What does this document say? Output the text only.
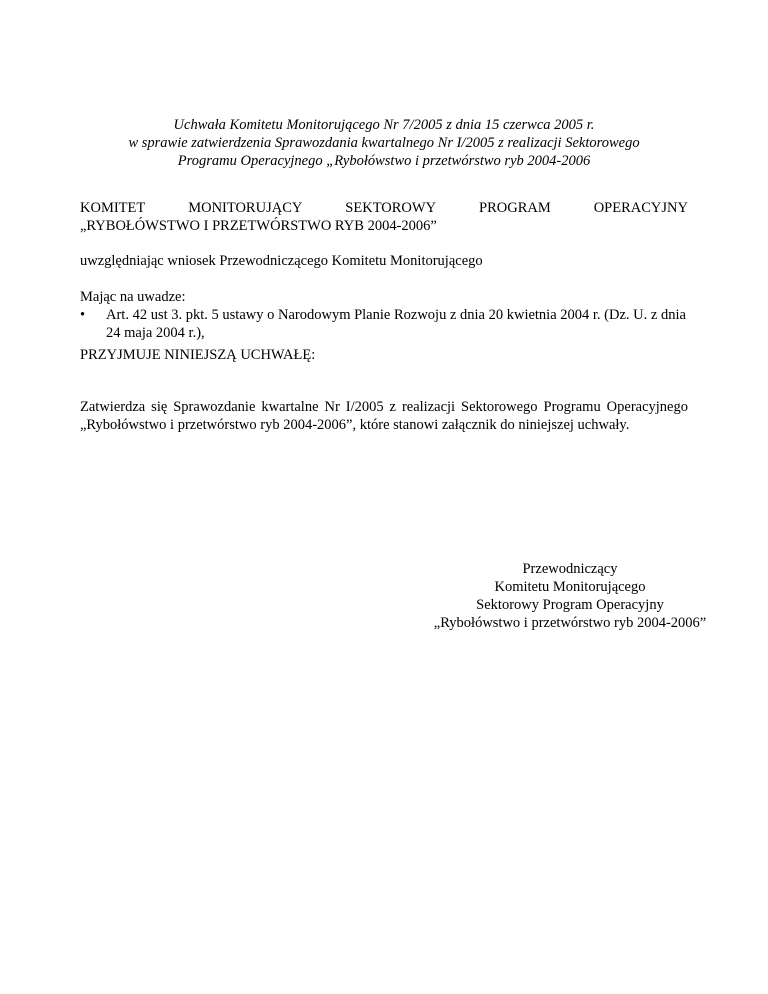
Uchwała Komitetu Monitorującego Nr 7/2005 z dnia 15 czerwca 2005 r.
w sprawie zatwierdzenia Sprawozdania kwartalnego Nr I/2005 z realizacji Sektorowego
Programu Operacyjnego „Rybołówstwo i przetwórstwo ryb 2004-2006
KOMITET	MONITORUJĄCY	SEKTOROWY	PROGRAM	OPERACYJNY
„RYBOŁÓWSTWO I PRZETWÓRSTWO RYB 2004-2006”
uwzględniając wniosek Przewodniczącego Komitetu Monitorującego
Mając na uwadze:
•	Art. 42 ust 3. pkt. 5 ustawy o Narodowym Planie Rozwoju z dnia 20 kwietnia 2004 r. (Dz. U. z dnia 24 maja 2004 r.),
PRZYJMUJE NINIEJSZĄ UCHWAŁĘ:
Zatwierdza się Sprawozdanie kwartalne Nr I/2005 z realizacji Sektorowego Programu Operacyjnego „Rybołówstwo i przetwórstwo ryb 2004-2006”, które stanowi załącznik do niniejszej uchwały.
Przewodniczący
Komitetu Monitorującego
Sektorowy Program Operacyjny
„Rybołówstwo i przetwórstwo ryb 2004-2006”
